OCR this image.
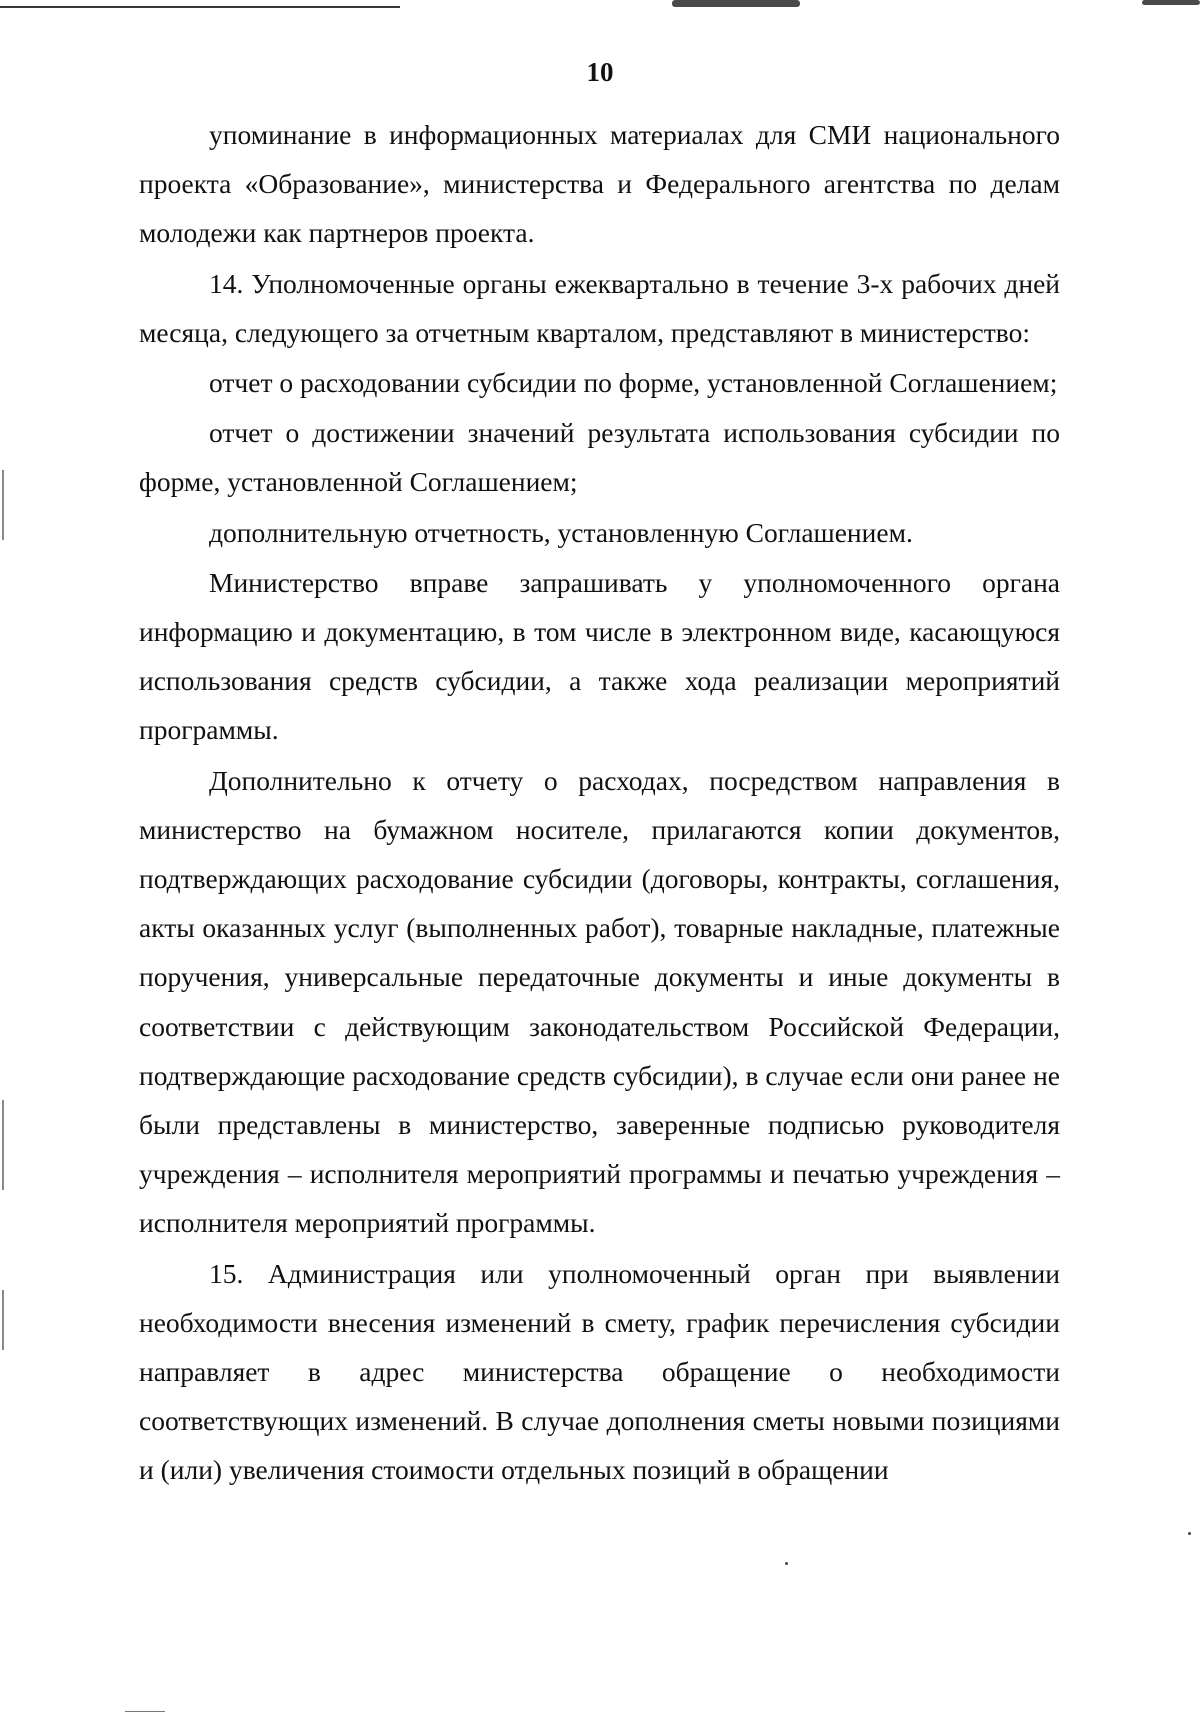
10

упоминание в информационных материалах для СМИ национального проекта «Образование», министерства и Федерального агентства по делам молодежи как партнеров проекта.

14. Уполномоченные органы ежеквартально в течение 3-х рабочих дней месяца, следующего за отчетным кварталом, представляют в министерство:

отчет о расходовании субсидии по форме, установленной Соглашением;

отчет о достижении значений результата использования субсидии по форме, установленной Соглашением;

дополнительную отчетность, установленную Соглашением.

Министерство вправе запрашивать у уполномоченного органа информацию и документацию, в том числе в электронном виде, касающуюся использования средств субсидии, а также хода реализации мероприятий программы.

Дополнительно к отчету о расходах, посредством направления в министерство на бумажном носителе, прилагаются копии документов, подтверждающих расходование субсидии (договоры, контракты, соглашения, акты оказанных услуг (выполненных работ), товарные накладные, платежные поручения, универсальные передаточные документы и иные документы в соответствии с действующим законодательством Российской Федерации, подтверждающие расходование средств субсидии), в случае если они ранее не были представлены в министерство, заверенные подписью руководителя учреждения – исполнителя мероприятий программы и печатью учреждения – исполнителя мероприятий программы.

15. Администрация или уполномоченный орган при выявлении необходимости внесения изменений в смету, график перечисления субсидии направляет в адрес министерства обращение о необходимости соответствующих изменений. В случае дополнения сметы новыми позициями и (или) увеличения стоимости отдельных позиций в обращении
